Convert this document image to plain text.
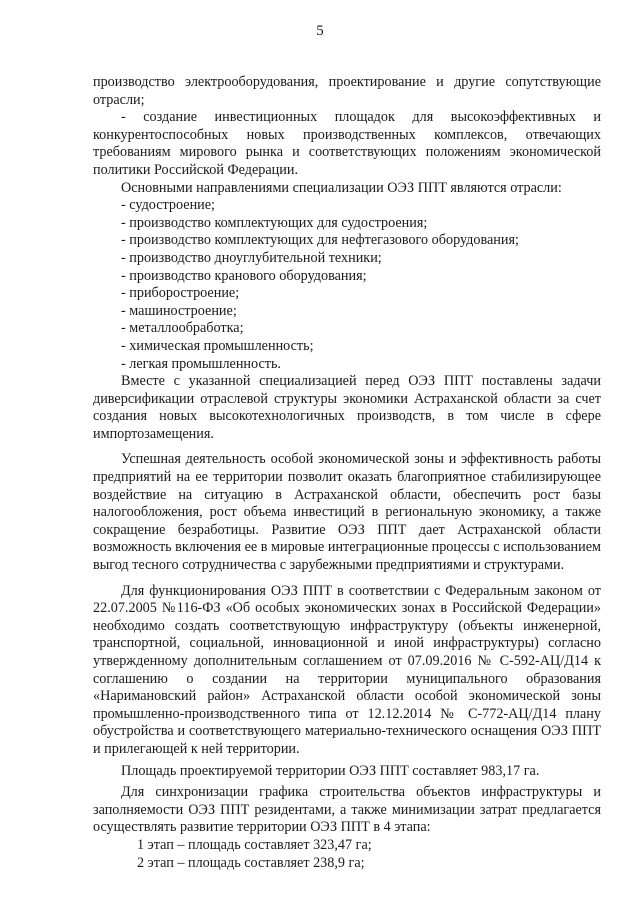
5

производство электрооборудования, проектирование и другие сопутствующие отрасли;

- создание инвестиционных площадок для высокоэффективных и конкурентоспособных новых производственных комплексов, отвечающих требованиям мирового рынка и соответствующих положениям экономической политики Российской Федерации.

Основными направлениями специализации ОЭЗ ППТ являются отрасли:

- судостроение;

- производство комплектующих для судостроения;

- производство комплектующих для нефтегазового оборудования;

- производство дноуглубительной техники;

- производство кранового оборудования;

- приборостроение;

- машиностроение;

- металлообработка;

- химическая промышленность;

- легкая промышленность.

Вместе с указанной специализацией перед ОЭЗ ППТ поставлены задачи диверсификации отраслевой структуры экономики Астраханской области за счет создания новых высокотехнологичных производств, в том числе в сфере импортозамещения.

Успешная деятельность особой экономической зоны и эффективность работы предприятий на ее территории позволит оказать благоприятное стабилизирующее воздействие на ситуацию в Астраханской области, обеспечить рост базы налогообложения, рост объема инвестиций в региональную экономику, а также сокращение безработицы. Развитие ОЭЗ ППТ дает Астраханской области возможность включения ее в мировые интеграционные процессы с использованием выгод тесного сотрудничества с зарубежными предприятиями и структурами.

Для функционирования ОЭЗ ППТ в соответствии с Федеральным законом от 22.07.2005 №116-ФЗ «Об особых экономических зонах в Российской Федерации» необходимо создать соответствующую инфраструктуру (объекты инженерной, транспортной, социальной, инновационной и иной инфраструктуры) согласно утвержденному дополнительным соглашением от 07.09.2016 № С-592-АЦ/Д14 к соглашению о создании на территории муниципального образования «Наримановский район» Астраханской области особой экономической зоны промышленно-производственного типа от 12.12.2014 № С-772-АЦ/Д14 плану обустройства и соответствующего материально-технического оснащения ОЭЗ ППТ и прилегающей к ней территории.

Площадь проектируемой территории ОЭЗ ППТ составляет 983,17 га.

Для синхронизации графика строительства объектов инфраструктуры и заполняемости ОЭЗ ППТ резидентами, а также минимизации затрат предлагается осуществлять развитие территории ОЭЗ ППТ в 4 этапа:

1 этап – площадь составляет 323,47 га;

2 этап – площадь составляет 238,9 га;
